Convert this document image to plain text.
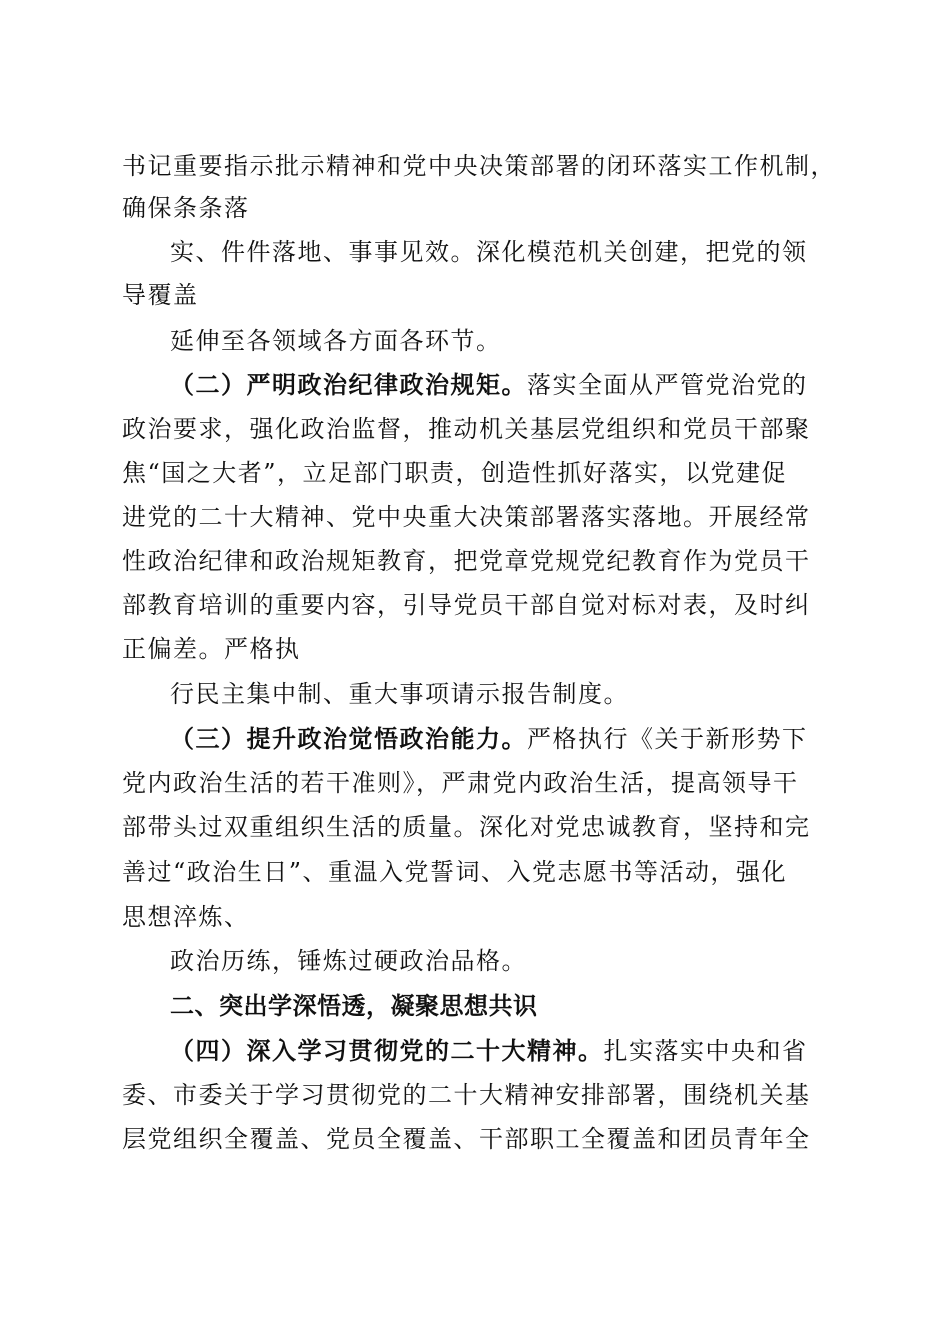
书记重要指示批示精神和党中央决策部署的闭环落实工作机制，
确保条条落
实、件件落地、事事见效。深化模范机关创建，把党的领
导覆盖
延伸至各领域各方面各环节。
（二）严明政治纪律政治规矩。落实全面从严管党治党的
政治要求，强化政治监督，推动机关基层党组织和党员干部聚
焦“国之大者”，立足部门职责，创造性抓好落实，以党建促
进党的二十大精神、党中央重大决策部署落实落地。开展经常
性政治纪律和政治规矩教育，把党章党规党纪教育作为党员干
部教育培训的重要内容，引导党员干部自觉对标对表，及时纠
正偏差。严格执
行民主集中制、重大事项请示报告制度。
（三）提升政治觉悟政治能力。严格执行《关于新形势下
党内政治生活的若干准则》，严肃党内政治生活，提高领导干
部带头过双重组织生活的质量。深化对党忠诚教育，坚持和完
善过“政治生日”、重温入党誓词、入党志愿书等活动，强化
思想淬炼、
政治历练，锤炼过硬政治品格。
二、突出学深悟透，凝聚思想共识
（四）深入学习贯彻党的二十大精神。扎实落实中央和省
委、市委关于学习贯彻党的二十大精神安排部署，围绕机关基
层党组织全覆盖、党员全覆盖、干部职工全覆盖和团员青年全
